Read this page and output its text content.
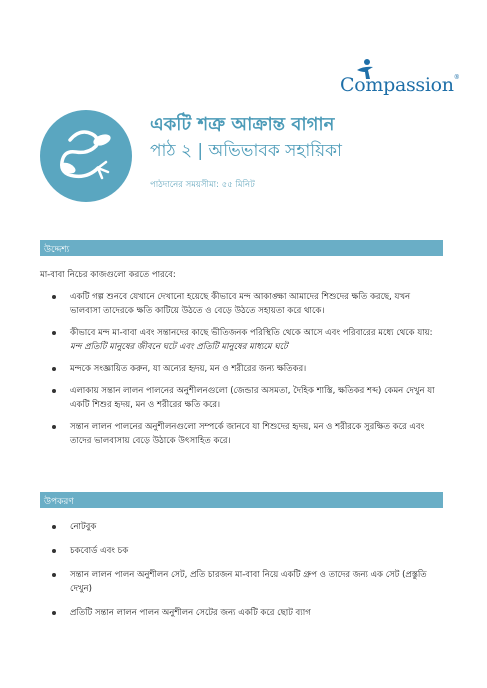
Compassion®
একটি শত্রু আক্রান্ত বাগান
পাঠ ২ | অভিভাবক সহায়িকা
পাঠদানের সময়সীমা: ৫৫ মিনিট
উদ্দেশ্য
মা-বাবা নিচের কাজগুলো করতে পারবে:
একটি গল্প শুনবে যেখানে দেখানো হয়েছে কীভাবে মন্দ আকাঙ্ক্ষা আমাদের শিশুদের ক্ষতি করছে, যখন ভালবাসা তাদেরকে ক্ষতি কাটিয়ে উঠতে ও বেড়ে উঠতে সহায়তা করে থাকে।
কীভাবে মন্দ মা-বাবা এবং সন্তানদের কাছে ভীতিজনক পরিস্থিতি থেকে আসে এবং পরিবারের মধ্যে থেকে যায়: মন্দ প্রতিটি মানুষের জীবনে ঘটে এবং প্রতিটি মানুষের মাধ্যমে ঘটে
মন্দকে সংজ্ঞায়িত করুন, যা অন্যের হৃদয়, মন ও শরীরের জন্য ক্ষতিকর।
এলাকায় সন্তান লালন পালনের অনুশীলনগুলো (জেন্ডার অসমতা, দৈহিক শাস্তি, ক্ষতিকর শব্দ) কেমন দেখুন যা একটি শিশুর হৃদয়, মন ও শরীরের ক্ষতি করে।
সন্তান লালন পালনের অনুশীলনগুলো সম্পর্কে জানবে যা শিশুদের হৃদয়, মন ও শরীরকে সুরক্ষিত করে এবং তাদের ভালবাসায় বেড়ে উঠাকে উৎসাহিত করে।
উপকরণ
নোটবুক
চকবোর্ড এবং চক
সন্তান লালন পালন অনুশীলন সেট, প্রতি চারজন মা-বাবা নিয়ে একটি গ্রুপ ও তাদের জন্য এক সেট (প্রস্তুতি দেখুন)
প্রতিটি সন্তান লালন পালন অনুশীলন সেটের জন্য একটি করে ছোট ব্যাগ
